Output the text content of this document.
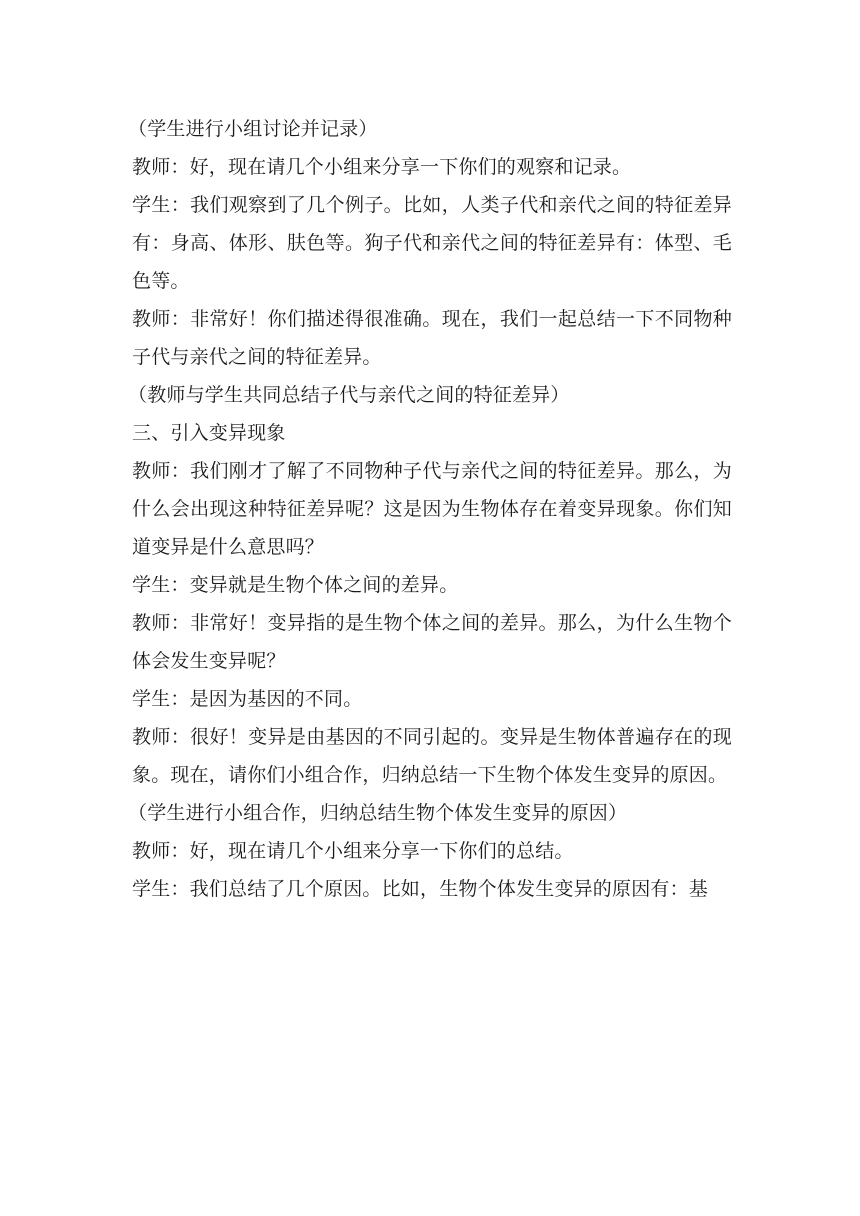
（学生进行小组讨论并记录）

教师：好，现在请几个小组来分享一下你们的观察和记录。

学生：我们观察到了几个例子。比如，人类子代和亲代之间的特征差异有：身高、体形、肤色等。狗子代和亲代之间的特征差异有：体型、毛色等。

教师：非常好！你们描述得很准确。现在，我们一起总结一下不同物种子代与亲代之间的特征差异。

（教师与学生共同总结子代与亲代之间的特征差异）

三、引入变异现象

教师：我们刚才了解了不同物种子代与亲代之间的特征差异。那么，为什么会出现这种特征差异呢？这是因为生物体存在着变异现象。你们知道变异是什么意思吗？

学生：变异就是生物个体之间的差异。

教师：非常好！变异指的是生物个体之间的差异。那么，为什么生物个体会发生变异呢？

学生：是因为基因的不同。

教师：很好！变异是由基因的不同引起的。变异是生物体普遍存在的现象。现在，请你们小组合作，归纳总结一下生物个体发生变异的原因。

（学生进行小组合作，归纳总结生物个体发生变异的原因）

教师：好，现在请几个小组来分享一下你们的总结。

学生：我们总结了几个原因。比如，生物个体发生变异的原因有：基
